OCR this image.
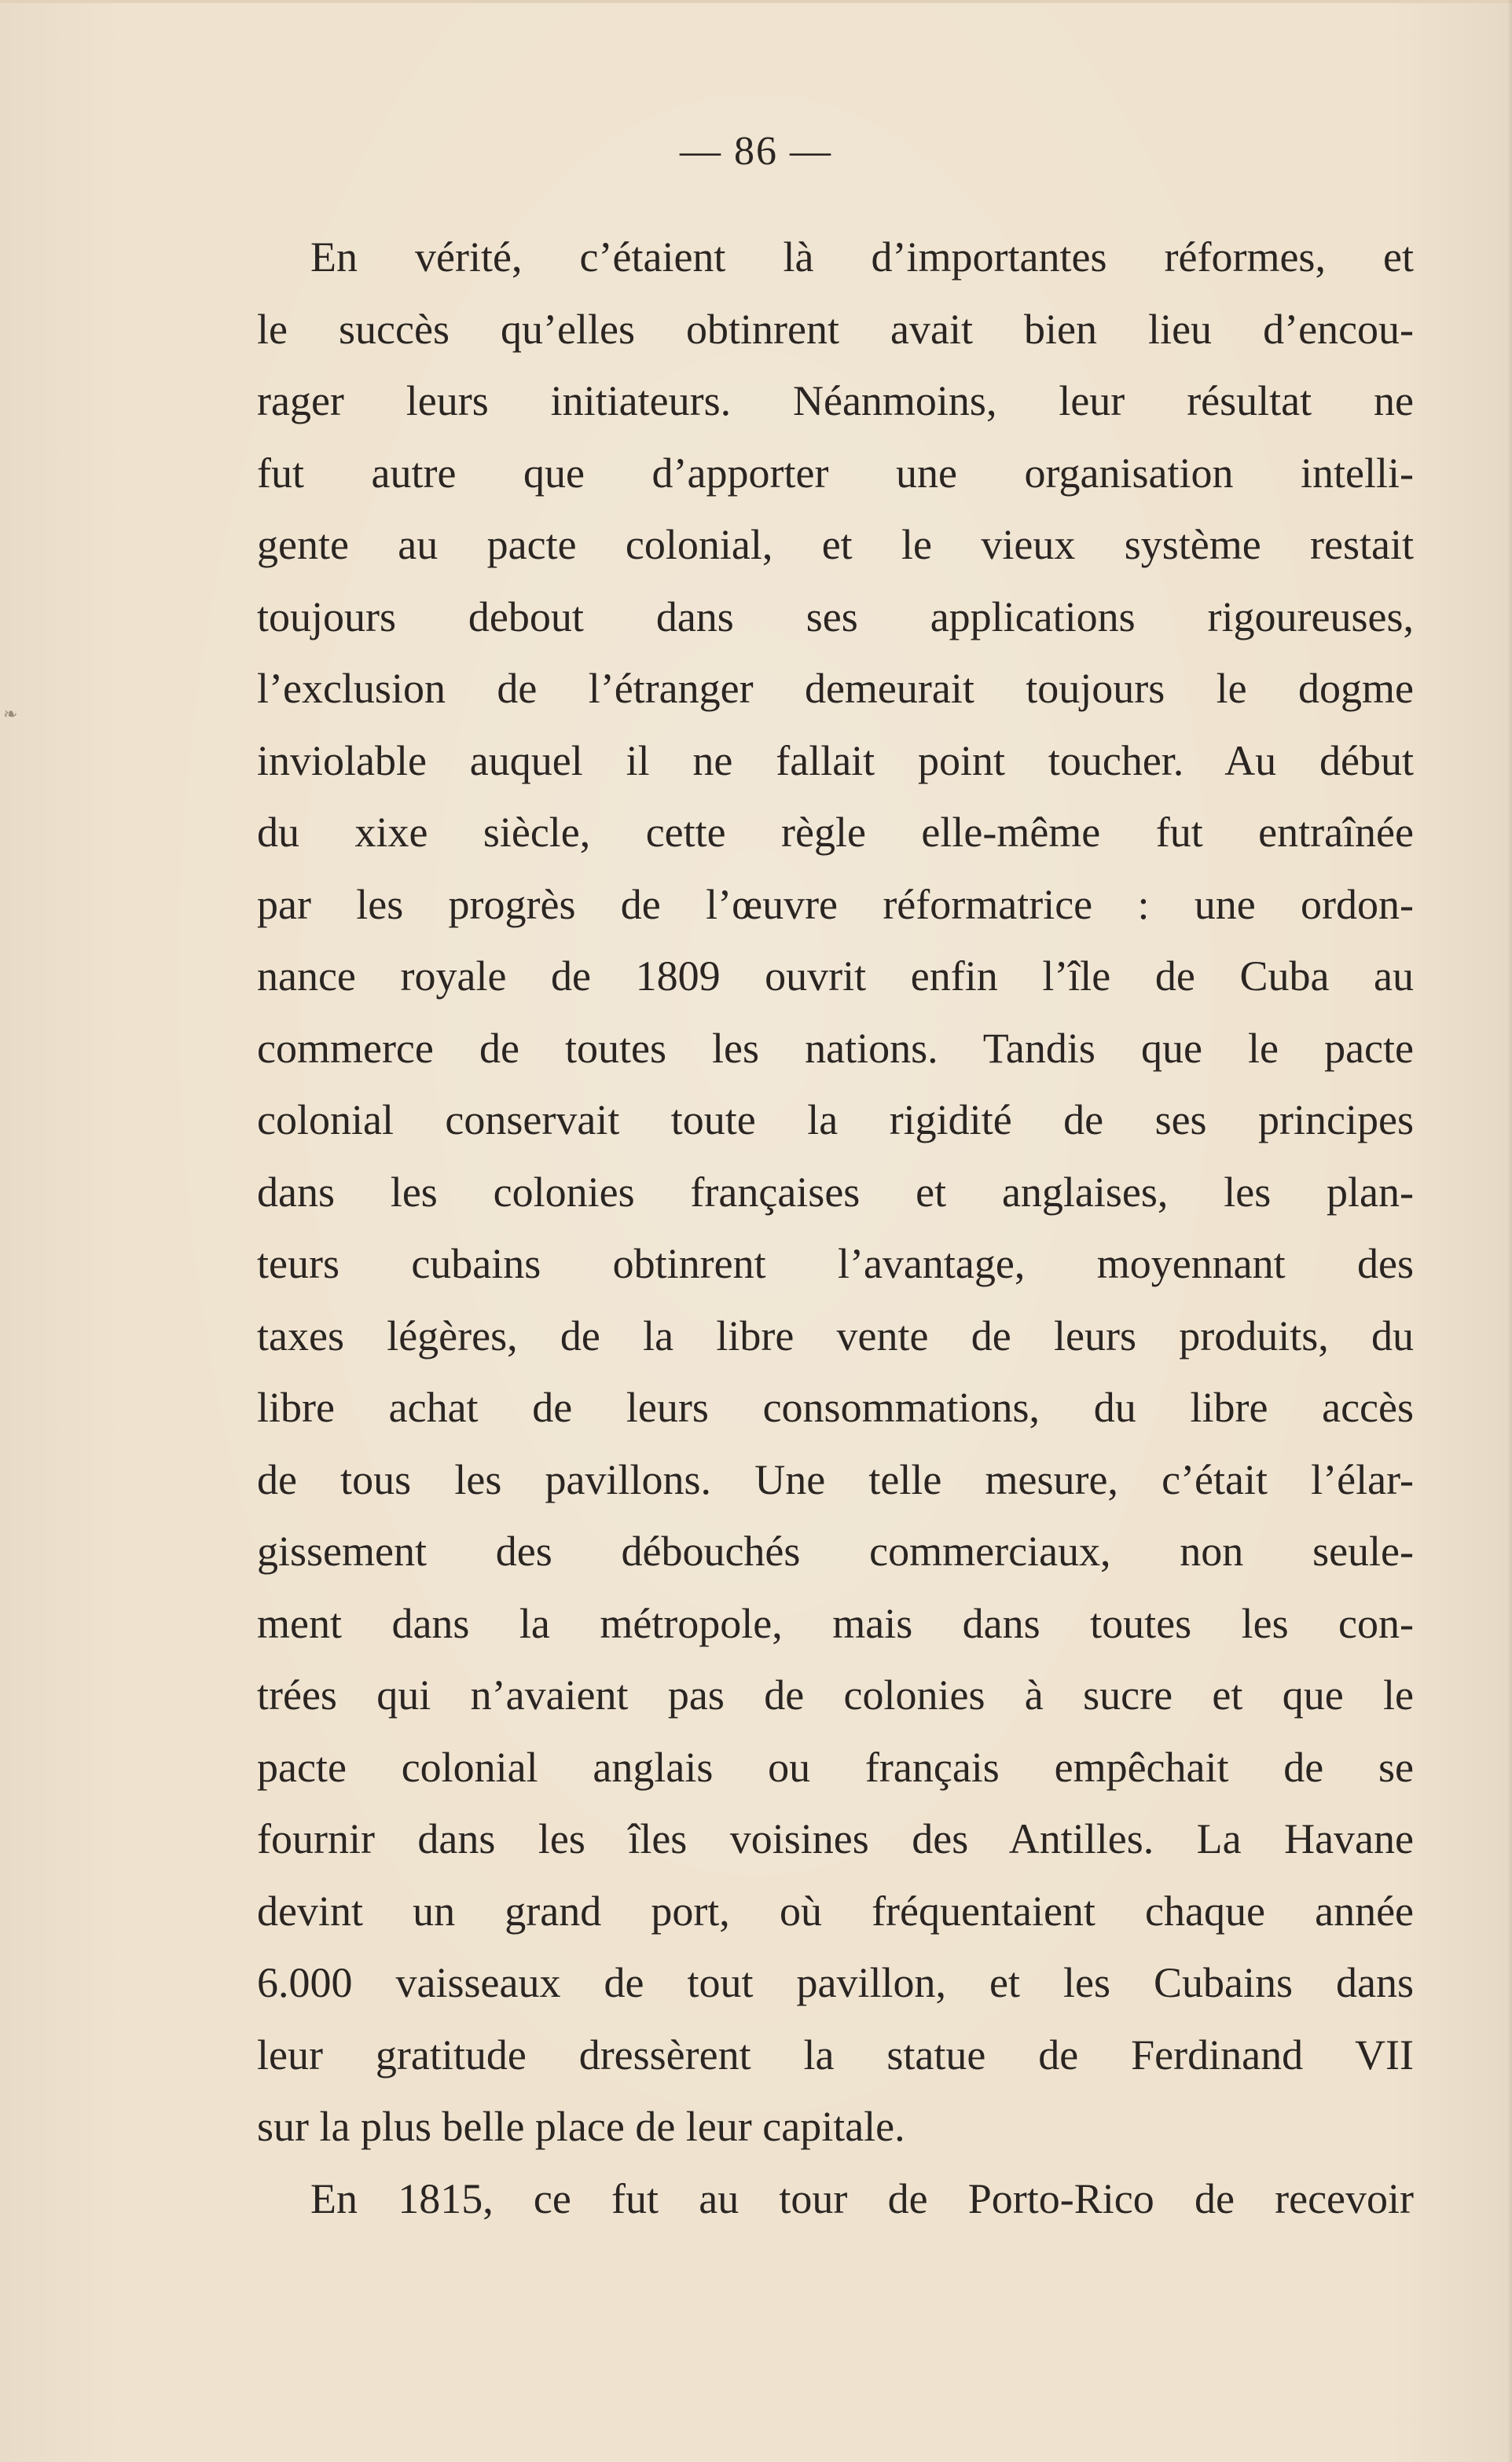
❧
— 86 —
En vérité, c’étaient là d’importantes réformes, et
le succès qu’elles obtinrent avait bien lieu d’encou-
rager leurs initiateurs. Néanmoins, leur résultat ne
fut autre que d’apporter une organisation intelli-
gente au pacte colonial, et le vieux système restait
toujours debout dans ses applications rigoureuses,
l’exclusion de l’étranger demeurait toujours le dogme
inviolable auquel il ne fallait point toucher. Au début
du xixe siècle, cette règle elle-même fut entraînée
par les progrès de l’œuvre réformatrice : une ordon-
nance royale de 1809 ouvrit enfin l’île de Cuba au
commerce de toutes les nations. Tandis que le pacte
colonial conservait toute la rigidité de ses principes
dans les colonies françaises et anglaises, les plan-
teurs cubains obtinrent l’avantage, moyennant des
taxes légères, de la libre vente de leurs produits, du
libre achat de leurs consommations, du libre accès
de tous les pavillons. Une telle mesure, c’était l’élar-
gissement des débouchés commerciaux, non seule-
ment dans la métropole, mais dans toutes les con-
trées qui n’avaient pas de colonies à sucre et que le
pacte colonial anglais ou français empêchait de se
fournir dans les îles voisines des Antilles. La Havane
devint un grand port, où fréquentaient chaque année
6.000 vaisseaux de tout pavillon, et les Cubains dans
leur gratitude dressèrent la statue de Ferdinand VII
sur la plus belle place de leur capitale.
En 1815, ce fut au tour de Porto-Rico de recevoir
